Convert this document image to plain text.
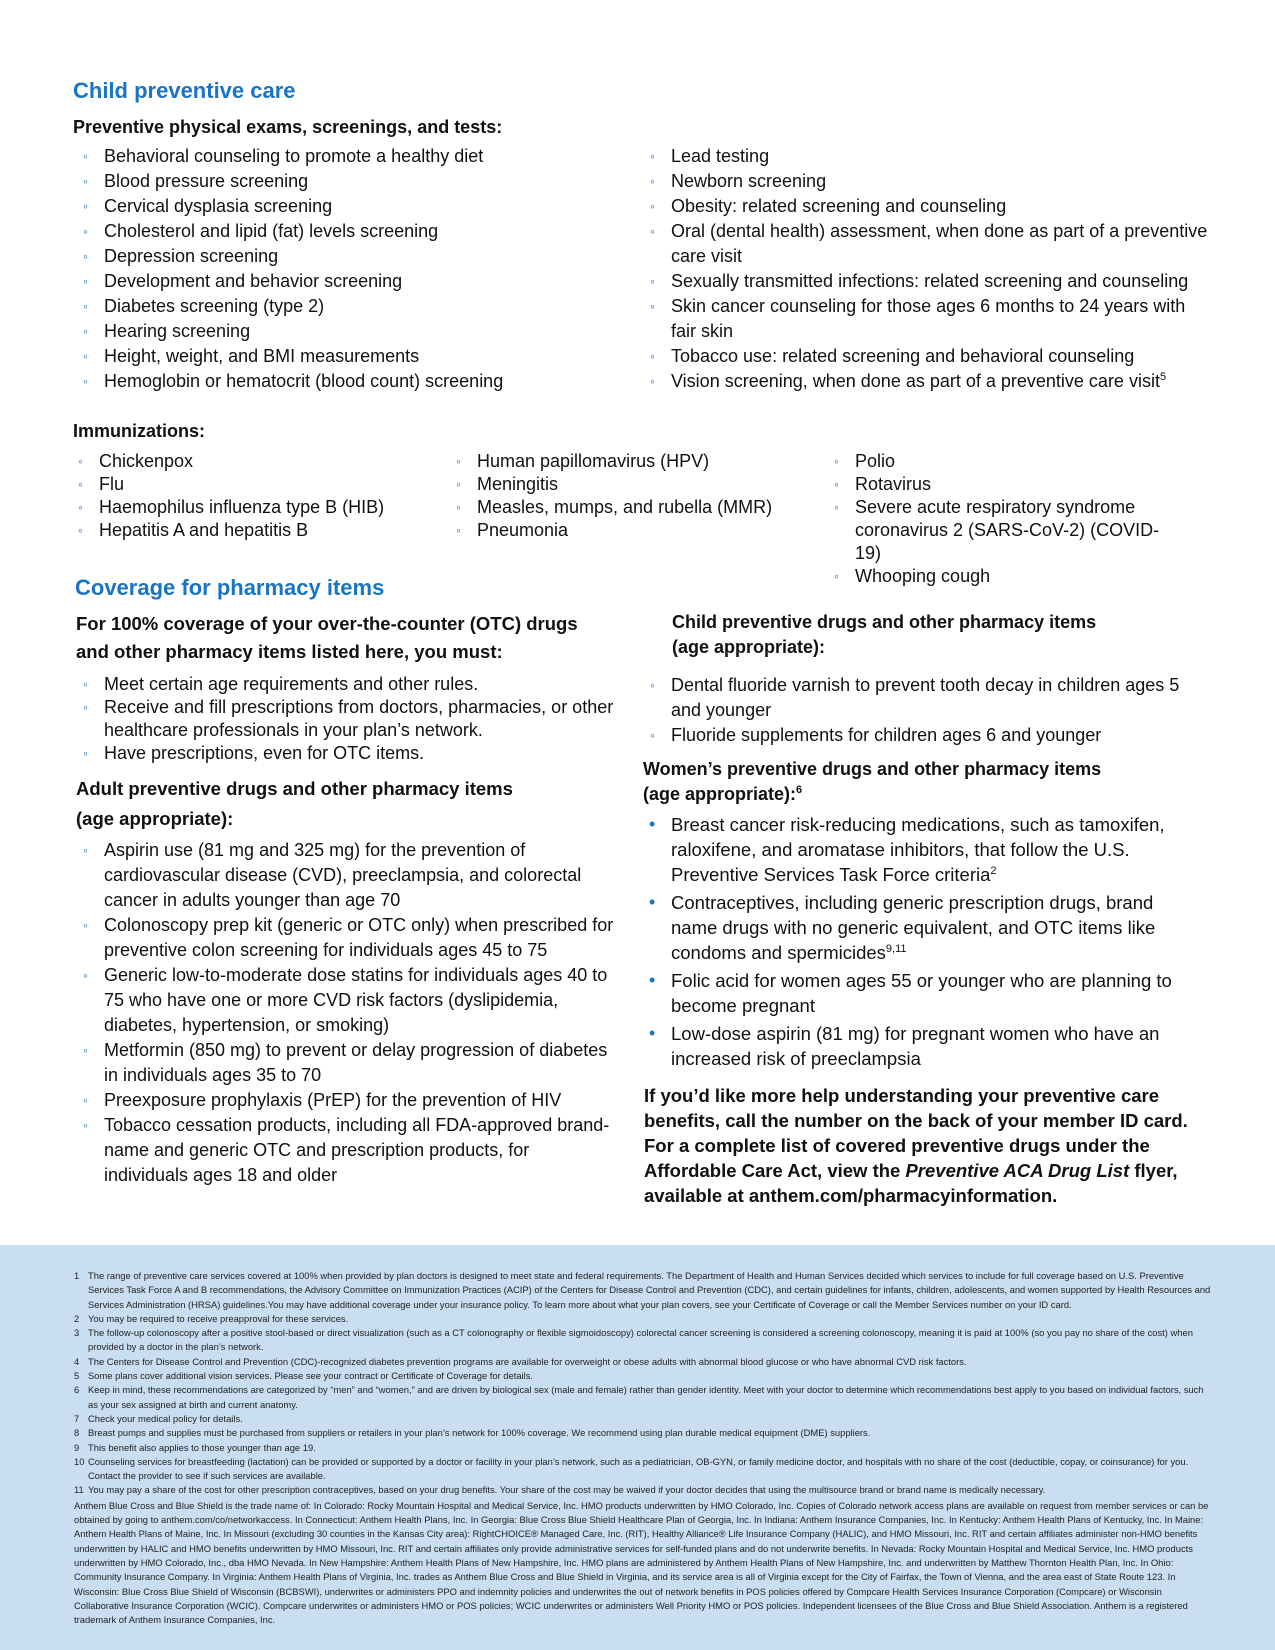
Child preventive care
Preventive physical exams, screenings, and tests:
◦ Behavioral counseling to promote a healthy diet
◦ Blood pressure screening
◦ Cervical dysplasia screening
◦ Cholesterol and lipid (fat) levels screening
◦ Depression screening
◦ Development and behavior screening
◦ Diabetes screening (type 2)
◦ Hearing screening
◦ Height, weight, and BMI measurements
◦ Hemoglobin or hematocrit (blood count) screening
◦ Lead testing
◦ Newborn screening
◦ Obesity: related screening and counseling
◦ Oral (dental health) assessment, when done as part of a preventive care visit
◦ Sexually transmitted infections: related screening and counseling
◦ Skin cancer counseling for those ages 6 months to 24 years with fair skin
◦ Tobacco use: related screening and behavioral counseling
◦ Vision screening, when done as part of a preventive care visit$^5$
Immunizations:
◦ Chickenpox
◦ Flu
◦ Haemophilus influenza type B (HIB)
◦ Hepatitis A and hepatitis B
◦ Human papillomavirus (HPV)
◦ Meningitis
◦ Measles, mumps, and rubella (MMR)
◦ Pneumonia
◦ Polio
◦ Rotavirus
◦ Severe acute respiratory syndrome coronavirus 2 (SARS-CoV-2) (COVID-19)
◦ Whooping cough
Coverage for pharmacy items
For 100% coverage of your over-the-counter (OTC) drugs and other pharmacy items listed here, you must:
◦ Meet certain age requirements and other rules.
◦ Receive and fill prescriptions from doctors, pharmacies, or other healthcare professionals in your plan’s network.
◦ Have prescriptions, even for OTC items.
Adult preventive drugs and other pharmacy items (age appropriate):
◦ Aspirin use (81 mg and 325 mg) for the prevention of cardiovascular disease (CVD), preeclampsia, and colorectal cancer in adults younger than age 70
◦ Colonoscopy prep kit (generic or OTC only) when prescribed for preventive colon screening for individuals ages 45 to 75
◦ Generic low-to-moderate dose statins for individuals ages 40 to 75 who have one or more CVD risk factors (dyslipidemia, diabetes, hypertension, or smoking)
◦ Metformin (850 mg) to prevent or delay progression of diabetes in individuals ages 35 to 70
◦ Preexposure prophylaxis (PrEP) for the prevention of HIV
◦ Tobacco cessation products, including all FDA-approved brand-name and generic OTC and prescription products, for individuals ages 18 and older
Child preventive drugs and other pharmacy items (age appropriate):
◦ Dental fluoride varnish to prevent tooth decay in children ages 5 and younger
◦ Fluoride supplements for children ages 6 and younger
Women’s preventive drugs and other pharmacy items (age appropriate):$^6$
• Breast cancer risk-reducing medications, such as tamoxifen, raloxifene, and aromatase inhibitors, that follow the U.S. Preventive Services Task Force criteria$^2$
• Contraceptives, including generic prescription drugs, brand name drugs with no generic equivalent, and OTC items like condoms and spermicides$^{9,11}$
• Folic acid for women ages 55 or younger who are planning to become pregnant
• Low-dose aspirin (81 mg) for pregnant women who have an increased risk of preeclampsia
If you’d like more help understanding your preventive care benefits, call the number on the back of your member ID card. For a complete list of covered preventive drugs under the Affordable Care Act, view the Preventive ACA Drug List flyer, available at anthem.com/pharmacyinformation.
1 The range of preventive care services covered at 100% when provided by plan doctors is designed to meet state and federal requirements. The Department of Health and Human Services decided which services to include for full coverage based on U.S. Preventive Services Task Force A and B recommendations, the Advisory Committee on Immunization Practices (ACIP) of the Centers for Disease Control and Prevention (CDC), and certain guidelines for infants, children, adolescents, and women supported by Health Resources and Services Administration (HRSA) guidelines.You may have additional coverage under your insurance policy. To learn more about what your plan covers, see your Certificate of Coverage or call the Member Services number on your ID card.
2 You may be required to receive preapproval for these services.
3 The follow-up colonoscopy after a positive stool-based or direct visualization (such as a CT colonography or flexible sigmoidoscopy) colorectal cancer screening is considered a screening colonoscopy, meaning it is paid at 100% (so you pay no share of the cost) when provided by a doctor in the plan’s network.
4 The Centers for Disease Control and Prevention (CDC)-recognized diabetes prevention programs are available for overweight or obese adults with abnormal blood glucose or who have abnormal CVD risk factors.
5 Some plans cover additional vision services. Please see your contract or Certificate of Coverage for details.
6 Keep in mind, these recommendations are categorized by “men” and “women,” and are driven by biological sex (male and female) rather than gender identity. Meet with your doctor to determine which recommendations best apply to you based on individual factors, such as your sex assigned at birth and current anatomy.
7 Check your medical policy for details.
8 Breast pumps and supplies must be purchased from suppliers or retailers in your plan’s network for 100% coverage. We recommend using plan durable medical equipment (DME) suppliers.
9 This benefit also applies to those younger than age 19.
10 Counseling services for breastfeeding (lactation) can be provided or supported by a doctor or facility in your plan’s network, such as a pediatrician, OB-GYN, or family medicine doctor, and hospitals with no share of the cost (deductible, copay, or coinsurance) for you. Contact the provider to see if such services are available.
11 You may pay a share of the cost for other prescription contraceptives, based on your drug benefits. Your share of the cost may be waived if your doctor decides that using the multisource brand or brand name is medically necessary.
Anthem Blue Cross and Blue Shield is the trade name of: In Colorado: Rocky Mountain Hospital and Medical Service, Inc. HMO products underwritten by HMO Colorado, Inc. Copies of Colorado network access plans are available on request from member services or can be obtained by going to anthem.com/co/networkaccess. In Connecticut: Anthem Health Plans, Inc. In Georgia: Blue Cross Blue Shield Healthcare Plan of Georgia, Inc. In Indiana: Anthem Insurance Companies, Inc. In Kentucky: Anthem Health Plans of Kentucky, Inc. In Maine: Anthem Health Plans of Maine, Inc. In Missouri (excluding 30 counties in the Kansas City area): RightCHOICE® Managed Care, Inc. (RIT), Healthy Alliance® Life Insurance Company (HALIC), and HMO Missouri, Inc. RIT and certain affiliates administer non-HMO benefits underwritten by HALIC and HMO benefits underwritten by HMO Missouri, Inc. RIT and certain affiliates only provide administrative services for self-funded plans and do not underwrite benefits. In Nevada: Rocky Mountain Hospital and Medical Service, Inc. HMO products underwritten by HMO Colorado, Inc., dba HMO Nevada. In New Hampshire: Anthem Health Plans of New Hampshire, Inc. HMO plans are administered by Anthem Health Plans of New Hampshire, Inc. and underwritten by Matthew Thornton Health Plan, Inc. In Ohio: Community Insurance Company. In Virginia: Anthem Health Plans of Virginia, Inc. trades as Anthem Blue Cross and Blue Shield in Virginia, and its service area is all of Virginia except for the City of Fairfax, the Town of Vienna, and the area east of State Route 123. In Wisconsin: Blue Cross Blue Shield of Wisconsin (BCBSWI), underwrites or administers PPO and indemnity policies and underwrites the out of network benefits in POS policies offered by Compcare Health Services Insurance Corporation (Compcare) or Wisconsin Collaborative Insurance Corporation (WCIC). Compcare underwrites or administers HMO or POS policies; WCIC underwrites or administers Well Priority HMO or POS policies. Independent licensees of the Blue Cross and Blue Shield Association. Anthem is a registered trademark of Anthem Insurance Companies, Inc.
